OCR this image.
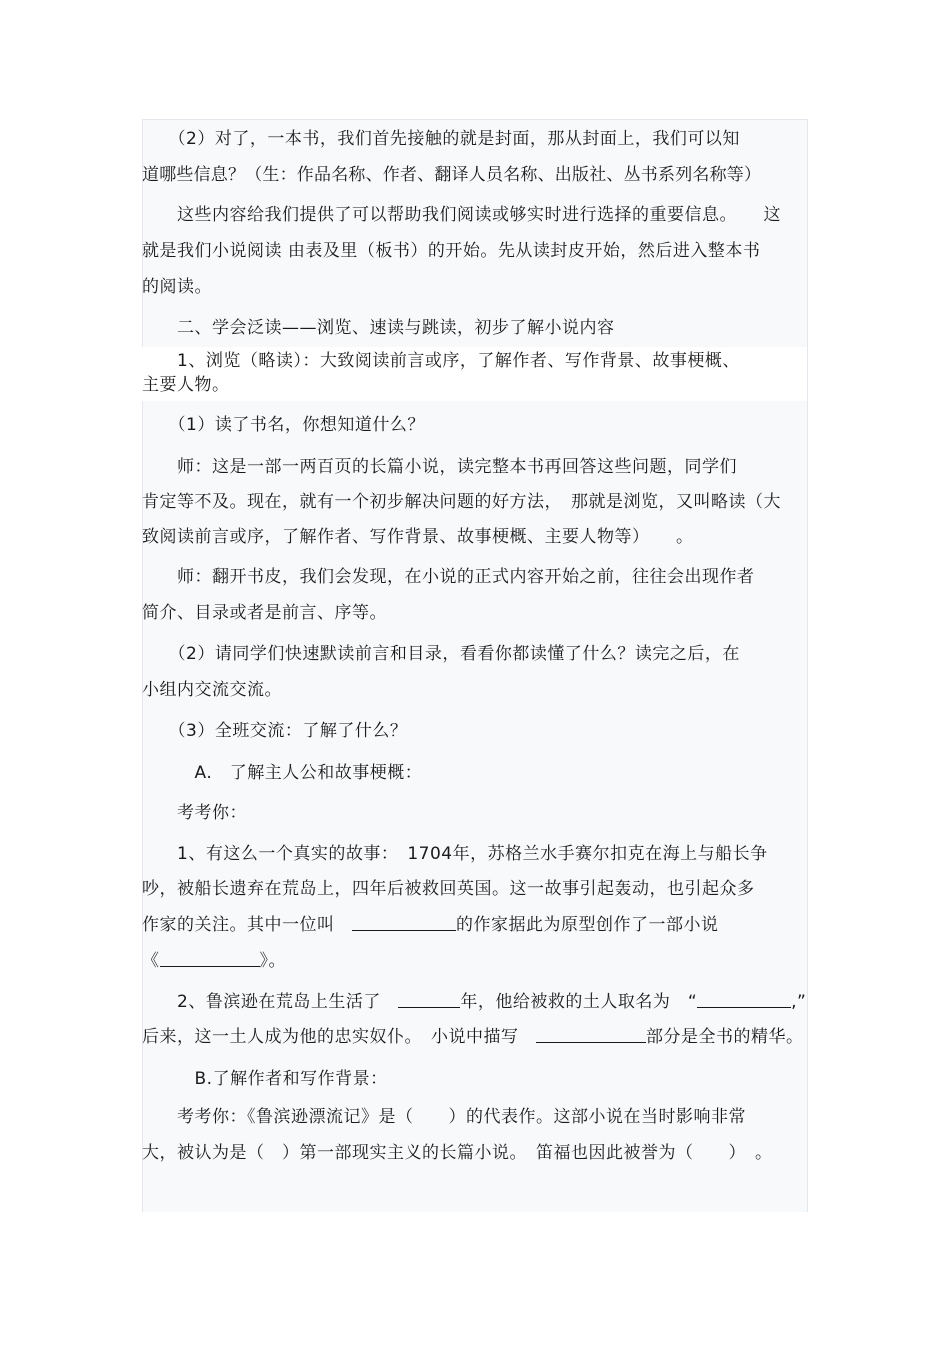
　　（2）对了，一本书，我们首先接触的就是封面，那从封面上，我们可以知
道哪些信息？（生：作品名称、作者、翻译人员名称、出版社、丛书系列名称等）
　　这些内容给我们提供了可以帮助我们阅读或够实时进行选择的重要信息。　　这
就是我们小说阅读 由表及里（板书）的开始。先从读封皮开始，然后进入整本书
的阅读。
　　二、学会泛读——浏览、速读与跳读，初步了解小说内容
　　1、浏览（略读）：大致阅读前言或序，了解作者、写作背景、故事梗概、
主要人物。
　　（1）读了书名，你想知道什么？
　　师：这是一部一两百页的长篇小说，读完整本书再回答这些问题，同学们
肯定等不及。现在，就有一个初步解决问题的好方法，　那就是浏览，又叫略读（大
致阅读前言或序，了解作者、写作背景、故事梗概、主要人物等）　　。
　　师：翻开书皮，我们会发现，在小说的正式内容开始之前，往往会出现作者
简介、目录或者是前言、序等。
　　（2）请同学们快速默读前言和目录，看看你都读懂了什么？读完之后，在
小组内交流交流。
　　（3）全班交流：了解了什么？
　　　A.　了解主人公和故事梗概：
　　考考你：
　　1、有这么一个真实的故事：　1704年，苏格兰水手赛尔扣克在海上与船长争
吵，被船长遗弃在荒岛上，四年后被救回英国。这一故事引起轰动，也引起众多
作家的关注。其中一位叫　	的作家据此为原型创作了一部小说
《	》。
　　2、鲁滨逊在荒岛上生活了　	年，他给被救的土人取名为　“	,”
后来，这一土人成为他的忠实奴仆。　小说中描写　	部分是全书的精华。
　　　B.了解作者和写作背景：
　　考考你：《鲁滨逊漂流记》是（　　）的代表作。这部小说在当时影响非常
大，被认为是（　）第一部现实主义的长篇小说。　笛福也因此被誉为（　　）　。
